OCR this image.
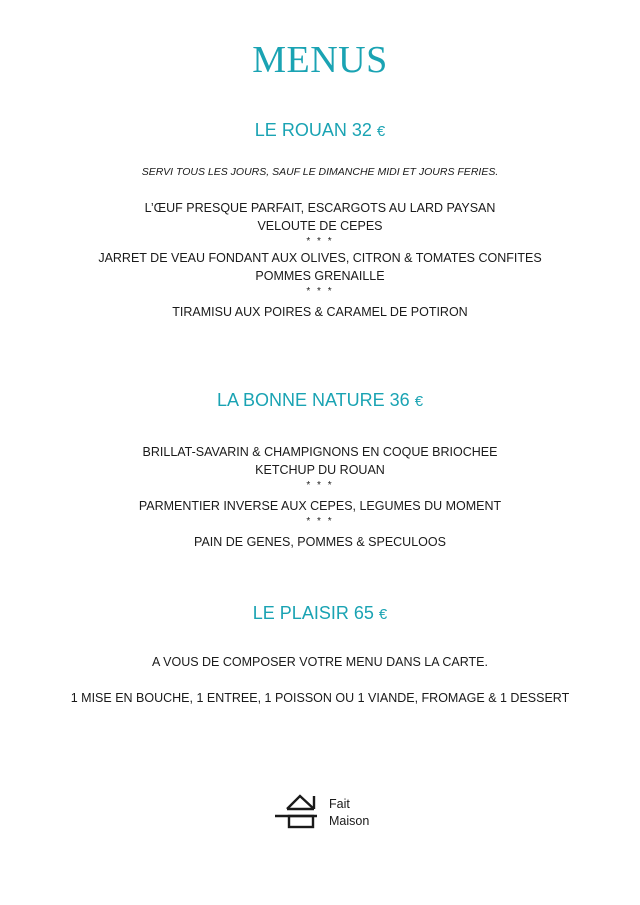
MENUS
LE ROUAN 32 €
SERVI TOUS LES JOURS, SAUF LE DIMANCHE MIDI ET JOURS FERIES.
L’ŒUF PRESQUE PARFAIT, ESCARGOTS AU LARD PAYSAN
VELOUTE DE CEPES
* * *
JARRET DE VEAU FONDANT AUX OLIVES, CITRON & TOMATES CONFITES
POMMES GRENAILLE
* * *
TIRAMISU AUX POIRES & CARAMEL DE POTIRON
LA BONNE NATURE 36 €
BRILLAT-SAVARIN & CHAMPIGNONS EN COQUE BRIOCHEE
KETCHUP DU ROUAN
* * *
PARMENTIER INVERSE AUX CEPES, LEGUMES DU MOMENT
* * *
PAIN DE GENES, POMMES & SPECULOOS
LE PLAISIR 65 €
A VOUS DE COMPOSER VOTRE MENU DANS LA CARTE.
1 MISE EN BOUCHE, 1 ENTREE, 1 POISSON OU 1 VIANDE, FROMAGE & 1 DESSERT
Fait
Maison
